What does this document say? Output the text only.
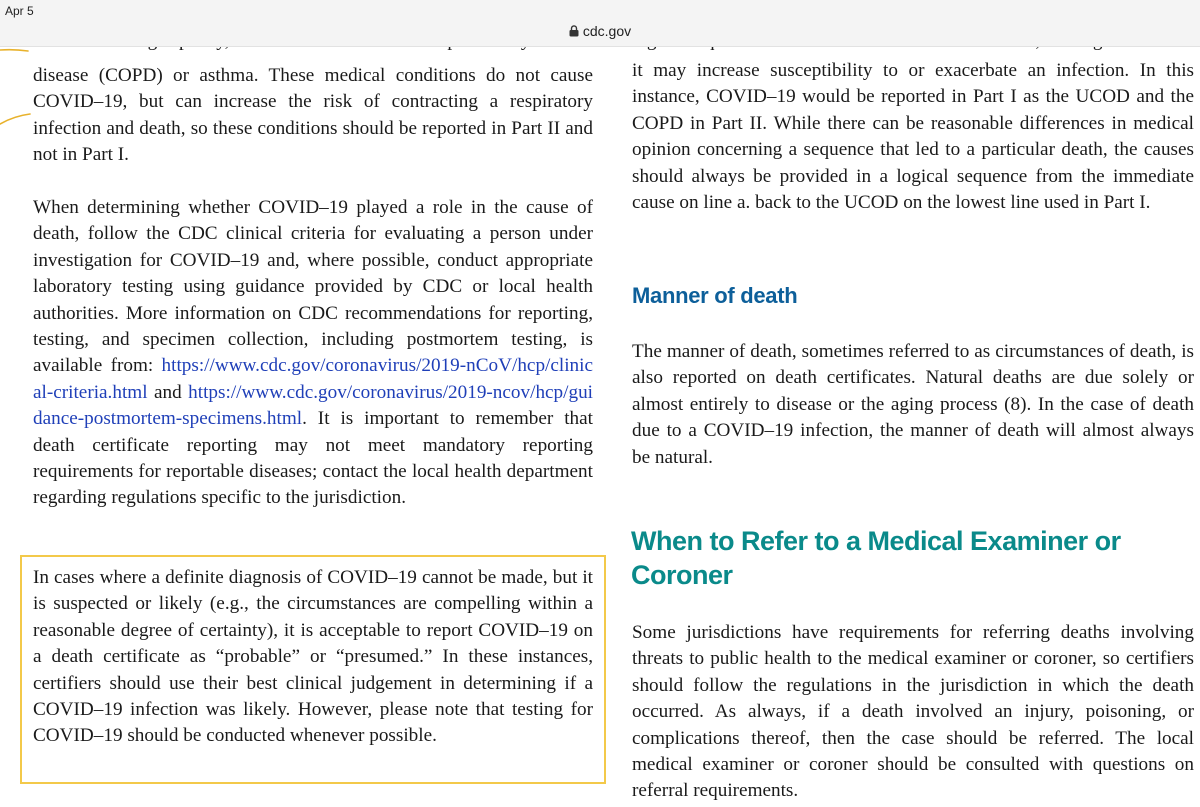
Apr 5
cdc.gov

disease (COPD) or asthma. These medical conditions do not cause COVID–19, but can increase the risk of contracting a respiratory infection and death, so these conditions should be reported in Part II and not in Part I.

When determining whether COVID–19 played a role in the cause of death, follow the CDC clinical criteria for evaluating a person under investigation for COVID–19 and, where possible, conduct appropriate laboratory testing using guidance provided by CDC or local health authorities. More information on CDC recommendations for reporting, testing, and specimen collection, including postmortem testing, is available from: https://www.cdc.gov/coronavirus/2019-nCoV/hcp/clinical-criteria.html and https://www.cdc.gov/coronavirus/2019-ncov/hcp/guidance-postmortem-specimens.html. It is important to remember that death certificate reporting may not meet mandatory reporting requirements for reportable diseases; contact the local health department regarding regulations specific to the jurisdiction.

In cases where a definite diagnosis of COVID–19 cannot be made, but it is suspected or likely (e.g., the circumstances are compelling within a reasonable degree of certainty), it is acceptable to report COVID–19 on a death certificate as “probable” or “presumed.” In these instances, certifiers should use their best clinical judgement in determining if a COVID–19 infection was likely. However, please note that testing for COVID–19 should be conducted whenever possible.

it may increase susceptibility to or exacerbate an infection. In this instance, COVID–19 would be reported in Part I as the UCOD and the COPD in Part II. While there can be reasonable differences in medical opinion concerning a sequence that led to a particular death, the causes should always be provided in a logical sequence from the immediate cause on line a. back to the UCOD on the lowest line used in Part I.

Manner of death

The manner of death, sometimes referred to as circumstances of death, is also reported on death certificates. Natural deaths are due solely or almost entirely to disease or the aging process (8). In the case of death due to a COVID–19 infection, the manner of death will almost always be natural.

When to Refer to a Medical Examiner or Coroner

Some jurisdictions have requirements for referring deaths involving threats to public health to the medical examiner or coroner, so certifiers should follow the regulations in the jurisdiction in which the death occurred. As always, if a death involved an injury, poisoning, or complications thereof, then the case should be referred. The local medical examiner or coroner should be consulted with questions on referral requirements.
